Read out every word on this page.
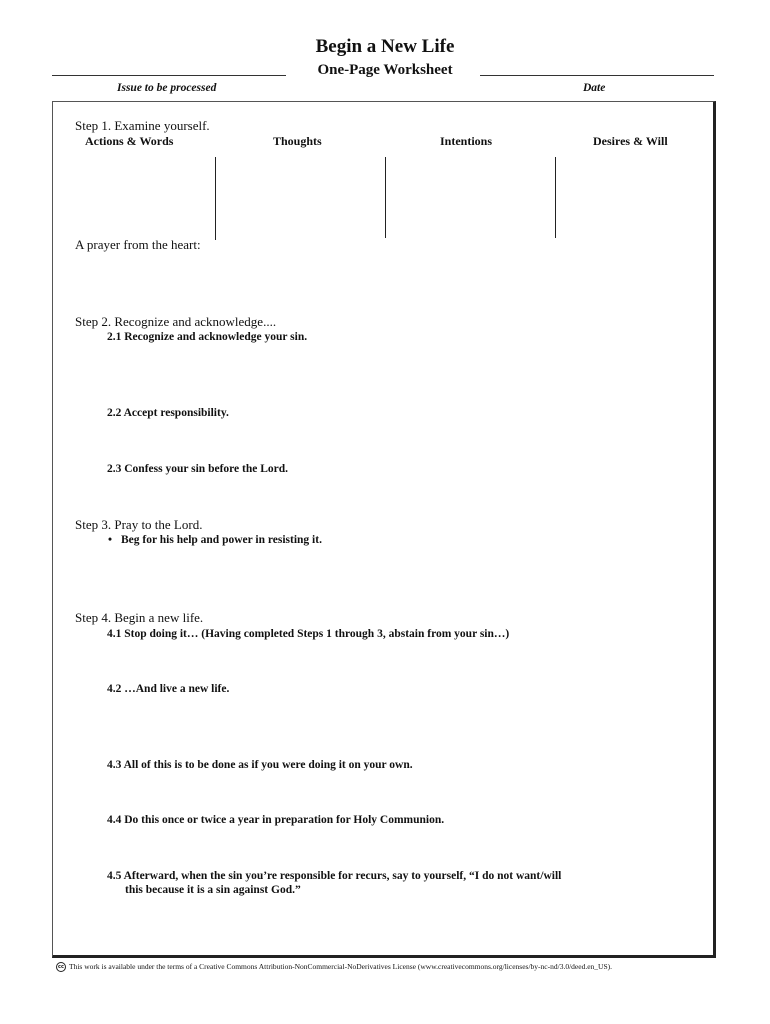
Begin a New Life
One-Page Worksheet
Issue to be processed	Date
Step 1. Examine yourself.
Actions & Words	Thoughts	Intentions	Desires & Will
A prayer from the heart:
Step 2. Recognize and acknowledge....
2.1 Recognize and acknowledge your sin.
2.2 Accept responsibility.
2.3 Confess your sin before the Lord.
Step 3. Pray to the Lord.
• Beg for his help and power in resisting it.
Step 4. Begin a new life.
4.1 Stop doing it… (Having completed Steps 1 through 3, abstain from your sin…)
4.2 …And live a new life.
4.3 All of this is to be done as if you were doing it on your own.
4.4 Do this once or twice a year in preparation for Holy Communion.
4.5 Afterward, when the sin you’re responsible for recurs, say to yourself, “I do not want/will
this because it is a sin against God.”
cc This work is available under the terms of a Creative Commons Attribution-NonCommercial-NoDerivatives License (www.creativecommons.org/licenses/by-nc-nd/3.0/deed.en_US).
